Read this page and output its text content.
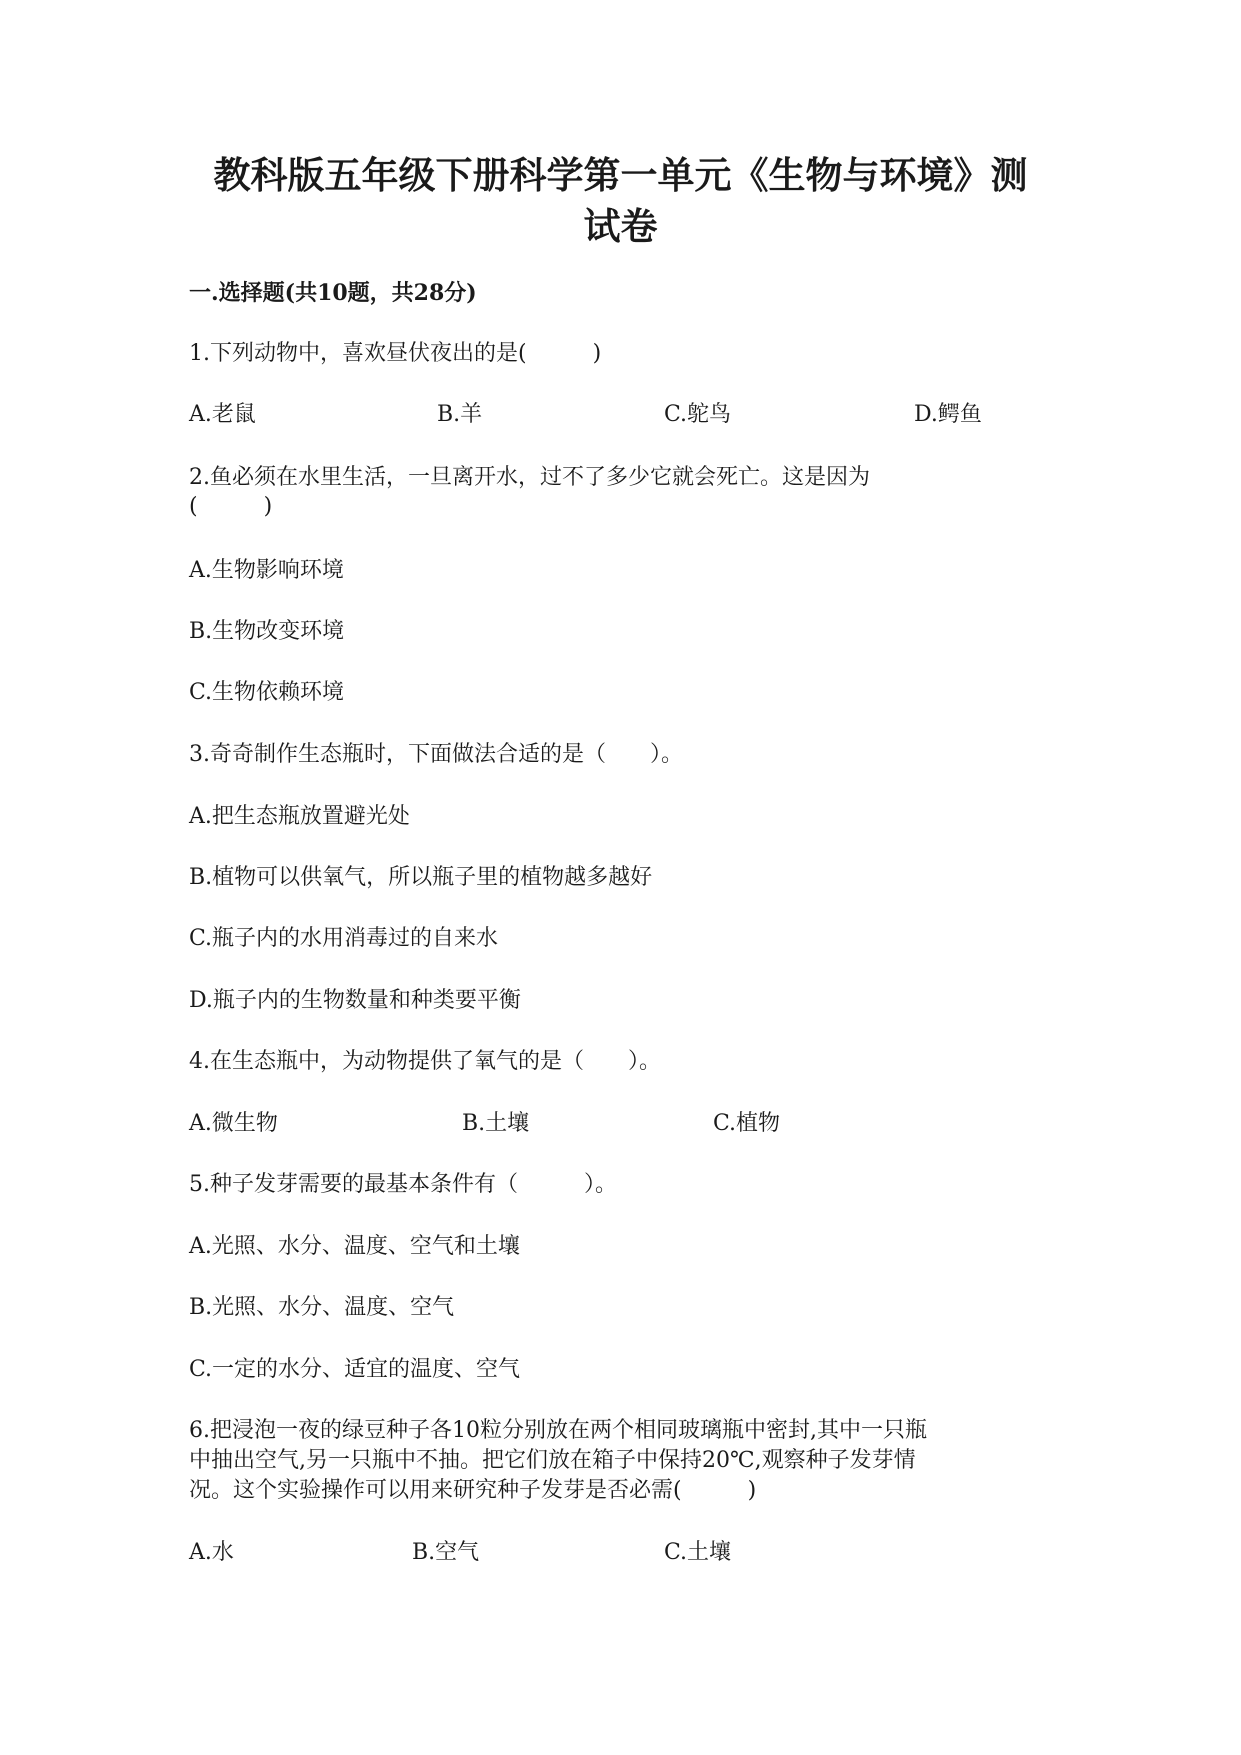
教科版五年级下册科学第一单元《生物与环境》测
试卷
一.选择题(共10题，共28分)
1.下列动物中，喜欢昼伏夜出的是(　　　)
A.老鼠	B.羊	C.鸵鸟	D.鳄鱼
2.鱼必须在水里生活，一旦离开水，过不了多少它就会死亡。这是因为
(　　　)
A.生物影响环境
B.生物改变环境
C.生物依赖环境
3.奇奇制作生态瓶时，下面做法合适的是（　　）。
A.把生态瓶放置避光处
B.植物可以供氧气，所以瓶子里的植物越多越好
C.瓶子内的水用消毒过的自来水
D.瓶子内的生物数量和种类要平衡
4.在生态瓶中，为动物提供了氧气的是（　　）。
A.微生物	B.土壤	C.植物
5.种子发芽需要的最基本条件有（　　　）。
A.光照、水分、温度、空气和土壤
B.光照、水分、温度、空气
C.一定的水分、适宜的温度、空气
6.把浸泡一夜的绿豆种子各10粒分别放在两个相同玻璃瓶中密封,其中一只瓶
中抽出空气,另一只瓶中不抽。把它们放在箱子中保持20℃,观察种子发芽情
况。这个实验操作可以用来研究种子发芽是否必需(　　　)
A.水	B.空气	C.土壤
